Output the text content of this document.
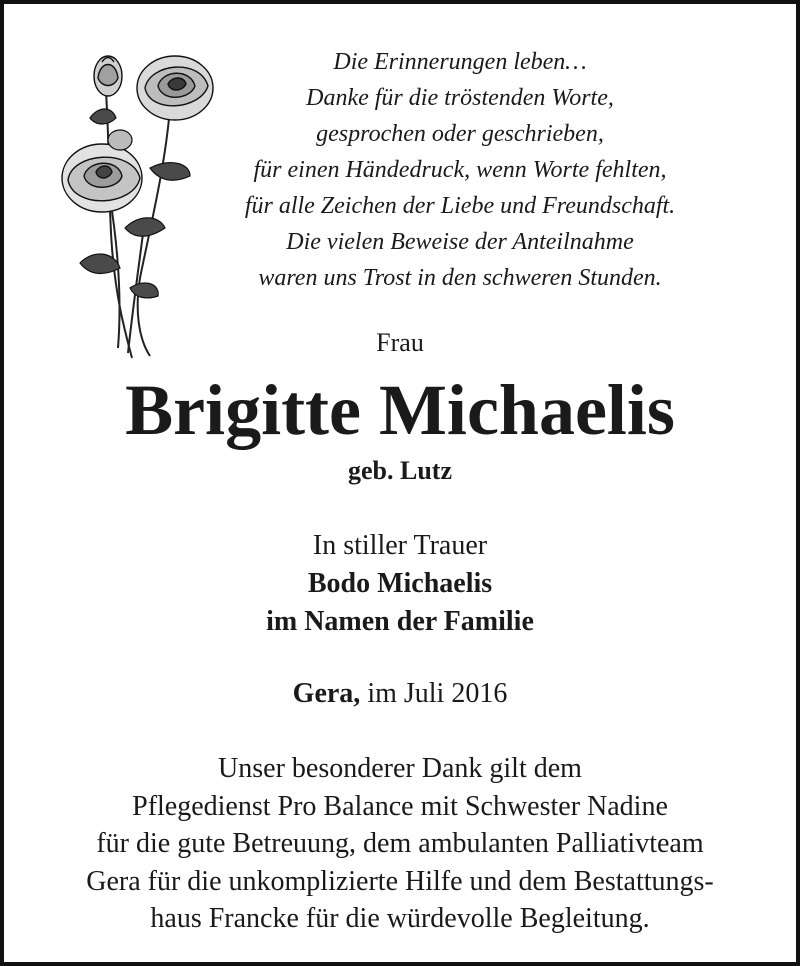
Die Erinnerungen leben…
Danke für die tröstenden Worte,
gesprochen oder geschrieben,
für einen Händedruck, wenn Worte fehlten,
für alle Zeichen der Liebe und Freundschaft.
Die vielen Beweise der Anteilnahme
waren uns Trost in den schweren Stunden.
Frau
Brigitte Michaelis
geb. Lutz
In stiller Trauer
Bodo Michaelis
im Namen der Familie
Gera, im Juli 2016
Unser besonderer Dank gilt dem
Pflegedienst Pro Balance mit Schwester Nadine
für die gute Betreuung, dem ambulanten Palliativteam
Gera für die unkomplizierte Hilfe und dem Bestattungs-
haus Francke für die würdevolle Begleitung.
